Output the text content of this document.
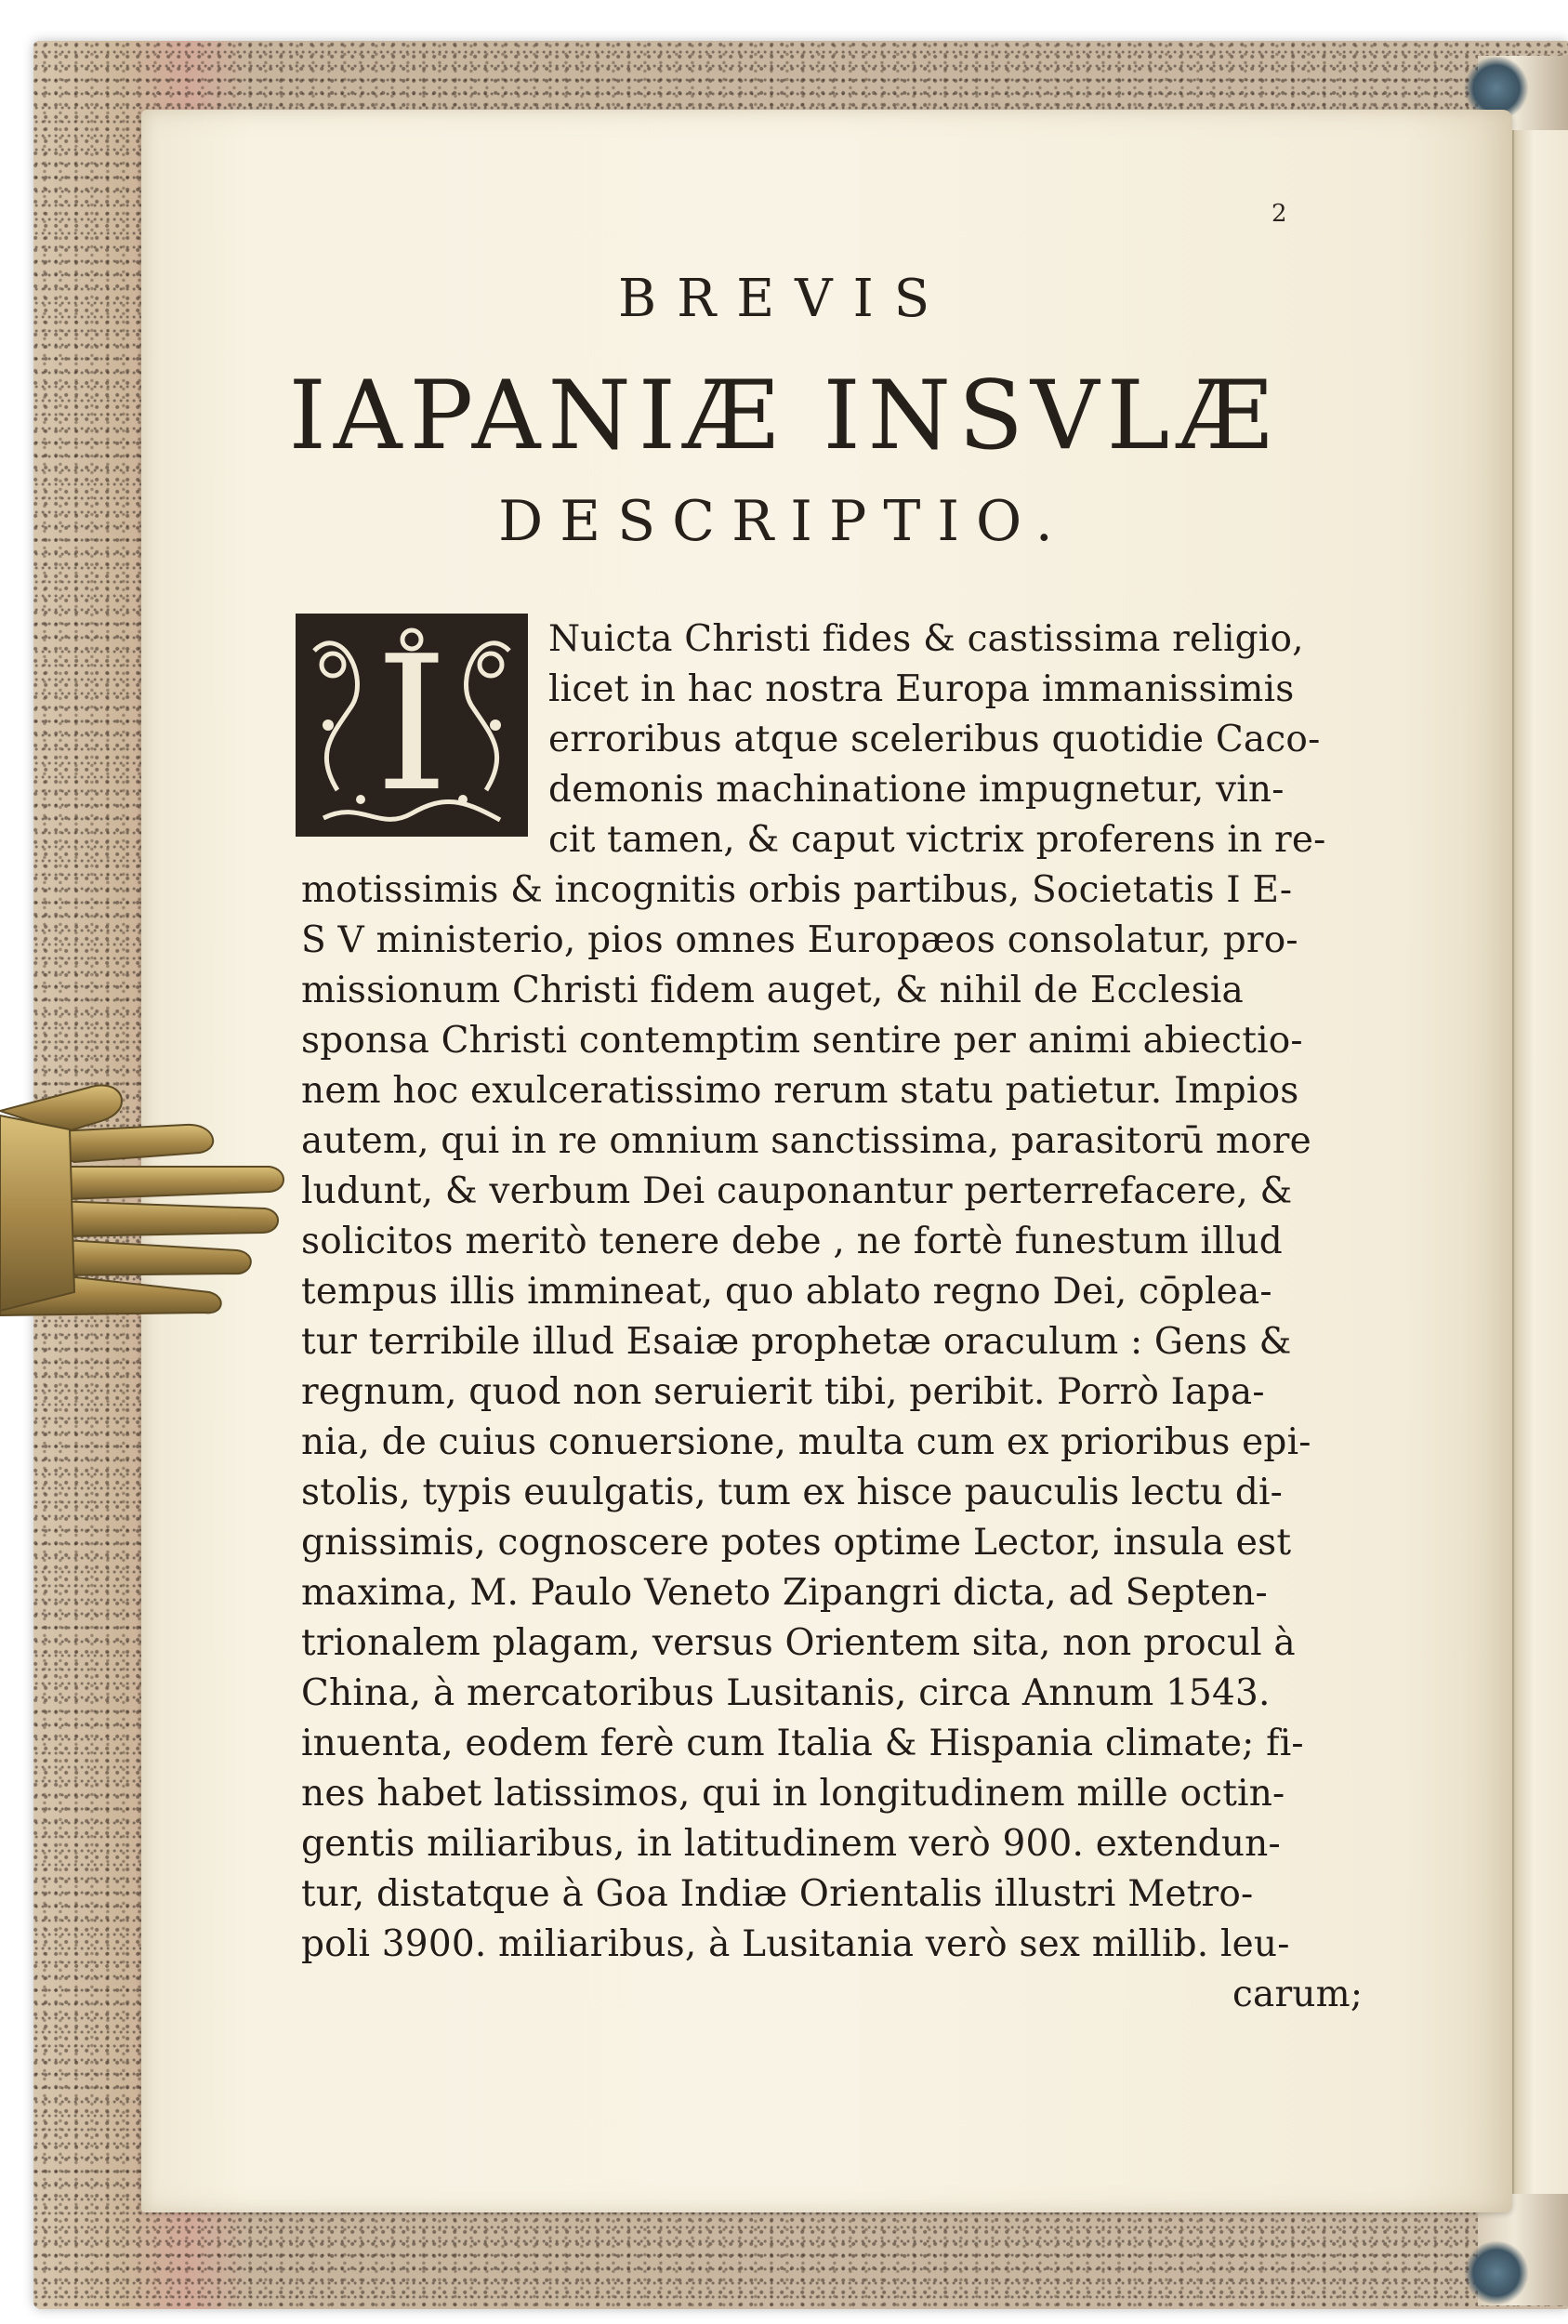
2
BREVIS
IAPANIÆ INSVLÆ
DESCRIPTIO.
I	Nuicta Christi fides & castissima religio,
licet in hac nostra Europa immanissimis
erroribus atque sceleribus quotidie Caco-
demonis machinatione impugnetur, vin-
cit tamen, & caput victrix proferens in re-
motissimis & incognitis orbis partibus, Societatis I E-
S V ministerio, pios omnes Europæos consolatur, pro-
missionum Christi fidem auget, & nihil de Ecclesia
sponsa Christi contemptim sentire per animi abiectio-
nem hoc exulceratissimo rerum statu patietur. Impios
autem, qui in re omnium sanctissima, parasitorū more
ludunt, & verbum Dei cauponantur perterrefacere, &
solicitos meritò tenere debe , ne fortè funestum illud
tempus illis immineat, quo ablato regno Dei, cōplea-
tur terribile illud Esaiæ prophetæ oraculum : Gens &
regnum, quod non seruierit tibi, peribit. Porrò Iapa-
nia, de cuius conuersione, multa cum ex prioribus epi-
stolis, typis euulgatis, tum ex hisce pauculis lectu di-
gnissimis, cognoscere potes optime Lector, insula est
maxima, M. Paulo Veneto Zipangri dicta, ad Septen-
trionalem plagam, versus Orientem sita, non procul à
China, à mercatoribus Lusitanis, circa Annum 1543.
inuenta, eodem ferè cum Italia & Hispania climate; fi-
nes habet latissimos, qui in longitudinem mille octin-
gentis miliaribus, in latitudinem verò 900. extendun-
tur, distatque à Goa Indiæ Orientalis illustri Metro-
poli 3900. miliaribus, à Lusitania verò sex millib. leu-
carum;
